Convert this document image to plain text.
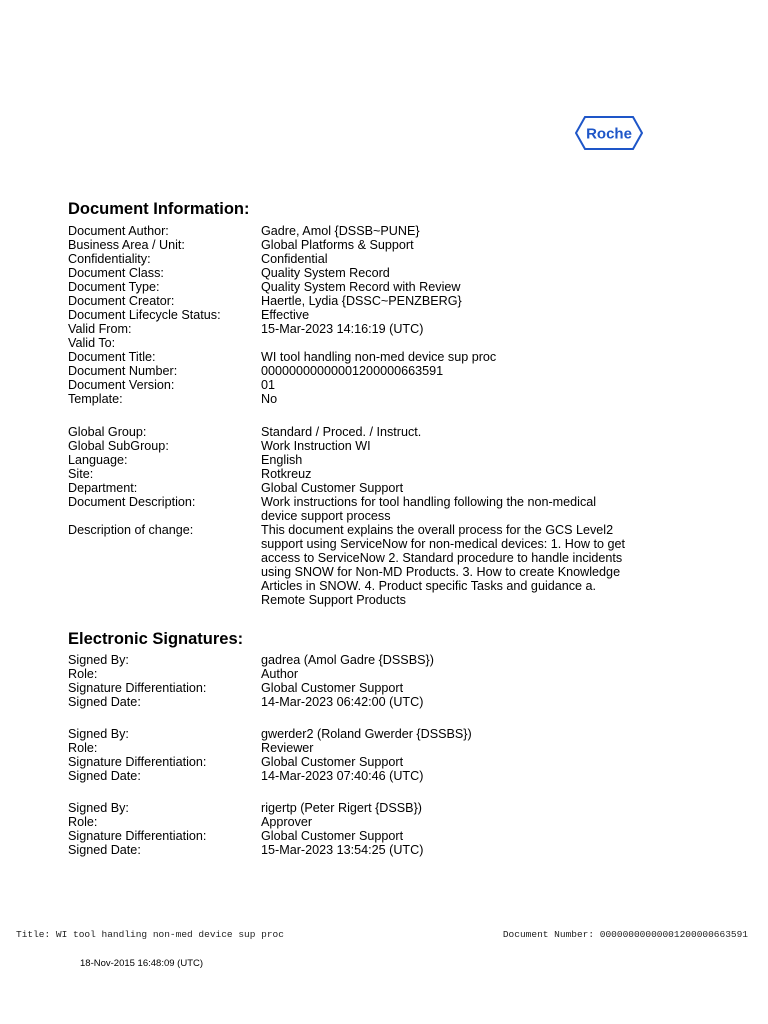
Roche
Document Information:
Document Author:	Gadre, Amol {DSSB~PUNE}
Business Area / Unit:	Global Platforms & Support
Confidentiality:	Confidential
Document Class:	Quality System Record
Document Type:	Quality System Record with Review
Document Creator:	Haertle, Lydia {DSSC~PENZBERG}
Document Lifecycle Status:	Effective
Valid From:	15-Mar-2023 14:16:19 (UTC)
Valid To:
Document Title:	WI tool handling non-med device sup proc
Document Number:	00000000000001200000663591
Document Version:	01
Template:	No
Global Group:	Standard / Proced. / Instruct.
Global SubGroup:	Work Instruction WI
Language:	English
Site:	Rotkreuz
Department:	Global Customer Support
Document Description:	Work instructions for tool handling following the non-medical device support process
Description of change:	This document explains the overall process for the GCS Level2 support using ServiceNow for non-medical devices: 1. How to get access to ServiceNow 2. Standard procedure to handle incidents using SNOW for Non-MD Products. 3. How to create Knowledge Articles in SNOW. 4. Product specific Tasks and guidance a. Remote Support Products
Electronic Signatures:
Signed By:	gadrea (Amol Gadre {DSSBS})
Role:	Author
Signature Differentiation:	Global Customer Support
Signed Date:	14-Mar-2023 06:42:00 (UTC)
Signed By:	gwerder2 (Roland Gwerder {DSSBS})
Role:	Reviewer
Signature Differentiation:	Global Customer Support
Signed Date:	14-Mar-2023 07:40:46 (UTC)
Signed By:	rigertp (Peter Rigert {DSSB})
Role:	Approver
Signature Differentiation:	Global Customer Support
Signed Date:	15-Mar-2023 13:54:25 (UTC)
Title: WI tool handling non-med device sup proc	Document Number: 00000000000001200000663591
18-Nov-2015 16:48:09 (UTC)
